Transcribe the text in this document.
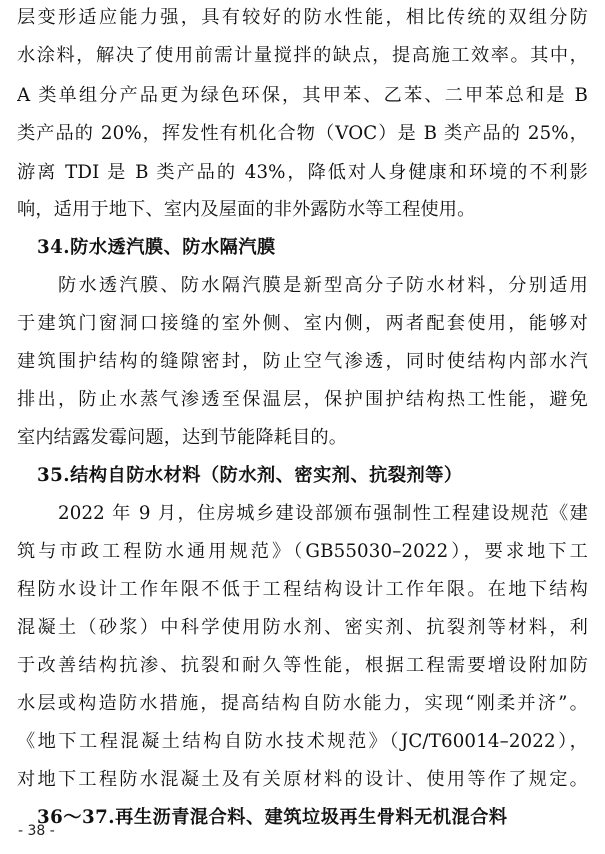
层变形适应能力强，具有较好的防水性能，相比传统的双组分防
水涂料，解决了使用前需计量搅拌的缺点，提高施工效率。其中，
A 类单组分产品更为绿色环保，其甲苯、乙苯、二甲苯总和是 B
类产品的 20%，挥发性有机化合物（VOC）是 B 类产品的 25%，
游离 TDI 是 B 类产品的 43%，降低对人身健康和环境的不利影
响，适用于地下、室内及屋面的非外露防水等工程使用。
34.防水透汽膜、防水隔汽膜
防水透汽膜、防水隔汽膜是新型高分子防水材料，分别适用
于建筑门窗洞口接缝的室外侧、室内侧，两者配套使用，能够对
建筑围护结构的缝隙密封，防止空气渗透，同时使结构内部水汽
排出，防止水蒸气渗透至保温层，保护围护结构热工性能，避免
室内结露发霉问题，达到节能降耗目的。
35.结构自防水材料（防水剂、密实剂、抗裂剂等）
2022 年 9 月，住房城乡建设部颁布强制性工程建设规范《建
筑与市政工程防水通用规范》（GB55030–2022），要求地下工
程防水设计工作年限不低于工程结构设计工作年限。在地下结构
混凝土（砂浆）中科学使用防水剂、密实剂、抗裂剂等材料，利
于改善结构抗渗、抗裂和耐久等性能，根据工程需要增设附加防
水层或构造防水措施，提高结构自防水能力，实现“刚柔并济”。
《地下工程混凝土结构自防水技术规范》（JC/T60014–2022），
对地下工程防水混凝土及有关原材料的设计、使用等作了规定。
36～37.再生沥青混合料、建筑垃圾再生骨料无机混合料
- 38 -
